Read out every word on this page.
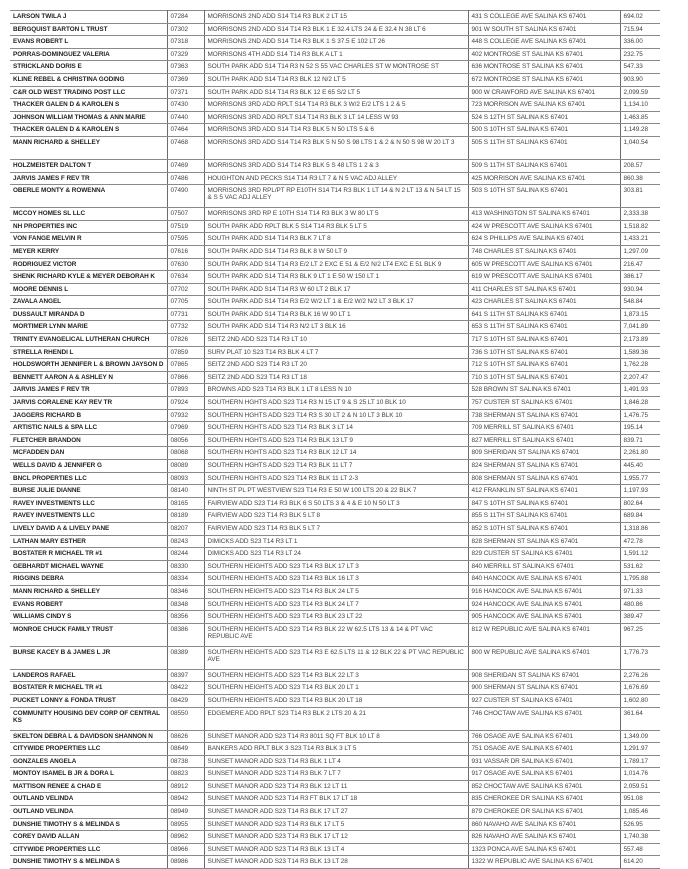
LARSON TWILA J	07284	MORRISONS 2ND ADD S14 T14 R3 BLK 2 LT 15	431 S COLLEGE AVE SALINA KS 67401	694.02
BERGQUIST BARTON L TRUST	07302	MORRISONS 2ND ADD S14 T14 R3 BLK 1 E 32.4 LTS 24 & E 32.4 N 38 LT 6	901 W SOUTH ST SALINA KS 67401	715.94
EVANS ROBERT L	07318	MORRISONS 2ND ADD S14 T14 R3 BLK 1 S 37.5 E 102 LT 26	448 S COLLEGE AVE SALINA KS 67401	336.00
PORRAS-DOMINGUEZ VALERIA	07329	MORRISONS 4TH ADD S14 T14 R3 BLK A LT 1	402 MONTROSE ST SALINA KS 67401	232.75
STRICKLAND DORIS E	07363	SOUTH PARK ADD S14 T14 R3 N 52 S 55 VAC CHARLES ST W MONTROSE ST	636 MONTROSE ST SALINA KS 67401	547.33
KLINE REBEL & CHRISTINA GODING	07369	SOUTH PARK ADD S14 T14 R3 BLK 12 N/2 LT 5	672 MONTROSE ST SALINA KS 67401	903.90
C&R OLD WEST TRADING POST LLC	07371	SOUTH PARK ADD S14 T14 R3 BLK 12 E 65 S/2 LT 5	900 W CRAWFORD AVE SALINA KS 67401	2,099.59
THACKER GALEN D & KAROLEN S	07430	MORRISONS 3RD ADD RPLT S14 T14 R3 BLK 3 W/2 E/2 LTS 1 2 & 5	723 MORRISON AVE SALINA KS 67401	1,134.10
JOHNSON WILLIAM THOMAS & ANN MARIE	07440	MORRISONS 3RD ADD RPLT S14 T14 R3 BLK 3 LT 14 LESS W 93	524 S 12TH ST SALINA KS 67401	1,463.85
THACKER GALEN D & KAROLEN S	07464	MORRISONS 3RD ADD S14 T14 R3 BLK 5 N 50 LTS 5 & 6	500 S 10TH ST SALINA KS 67401	1,149.28
MANN RICHARD & SHELLEY	07468	MORRISONS 3RD ADD S14 T14 R3 BLK 5 N 50 S 98 LTS 1 & 2 & N 50 S 98 W 20 LT 3	505 S 11TH ST SALINA KS 67401	1,040.54
HOLZMEISTER DALTON T	07469	MORRISONS 3RD ADD S14 T14 R3 BLK 5 S 48 LTS 1 2 & 3	509 S 11TH ST SALINA KS 67401	208.57
JARVIS JAMES F REV TR	07486	HOUGHTON AND PECKS S14 T14 R3 LT 7 & N 5 VAC ADJ ALLEY	425 MORRISON AVE SALINA KS 67401	860.38
OBERLE MONTY & ROWENNA	07490	MORRISONS 3RD RPL/PT RP E10TH S14 T14 R3 BLK 1 LT 14 & N 2 LT 13 & N 54 LT 15 & S 5 VAC ADJ ALLEY	503 S 10TH ST SALINA KS 67401	303.81
MCCOY HOMES SL LLC	07507	MORRISONS 3RD RP E 10TH S14 T14 R3 BLK 3 W 80 LT 5	413 WASHINGTON ST SALINA KS 67401	2,333.38
NH PROPERTIES INC	07519	SOUTH PARK ADD RPLT BLK 5 S14 T14 R3 BLK 5 LT 5	424 W PRESCOTT AVE SALINA KS 67401	1,518.82
VON FANGE MELVIN R	07595	SOUTH PARK ADD S14 T14 R3 BLK 7 LT 8	624 S PHILLIPS AVE SALINA KS 67401	1,433.21
MEYER KERRY	07616	SOUTH PARK ADD S14 T14 R3 BLK 8 W 50 LT 9	748 CHARLES ST SALINA KS 67401	1,297.09
RODRIGUEZ VICTOR	07630	SOUTH PARK ADD S14 T14 R3 E/2 LT 2 EXC E 51 & E/2 N/2 LT4 EXC E 51 BLK 9	605 W PRESCOTT AVE SALINA KS 67401	216.47
SHENK RICHARD KYLE & MEYER DEBORAH K	07634	SOUTH PARK ADD S14 T14 R3 BLK 9 LT 1 E 50 W 150 LT 1	619 W PRESCOTT AVE SALINA KS 67401	386.17
MOORE DENNIS L	07702	SOUTH PARK ADD S14 T14 R3 W 60 LT 2 BLK 17	411 CHARLES ST SALINA KS 67401	930.94
ZAVALA ANGEL	07705	SOUTH PARK ADD S14 T14 R3 E/2 W/2 LT 1 & E/2 W/2 N/2 LT 3 BLK 17	423 CHARLES ST SALINA KS 67401	548.84
DUSSAULT MIRANDA D	07731	SOUTH PARK ADD S14 T14 R3 BLK 16 W 90 LT 1	641 S 11TH ST SALINA KS 67401	1,873.15
MORTIMER LYNN MARIE	07732	SOUTH PARK ADD S14 T14 R3 N/2 LT 3 BLK 16	653 S 11TH ST SALINA KS 67401	7,041.89
TRINITY EVANGELICAL LUTHERAN CHURCH	07826	SEITZ 2ND ADD S23 T14 R3 LT 10	717 S 10TH ST SALINA KS 67401	2,173.89
STRELLA RHENDI L	07859	SURV PLAT 10 S23 T14 R3 BLK 4 LT 7	736 S 10TH ST SALINA KS 67401	1,589.36
HOLDSWORTH JENNIFER L & BROWN JAYSON D	07865	SEITZ 2ND ADD S23 T14 R3 LT 20	712 S 10TH ST SALINA KS 67401	1,762.28
BENNETT AARON A & ASHLEY N	07866	SEITZ 2ND ADD S23 T14 R3 LT 18	710 S 10TH ST SALINA KS 67401	2,207.47
JARVIS JAMES F REV TR	07893	BROWNS ADD S23 T14 R3 BLK 1 LT 8 LESS N 10	528 BROWN ST SALINA KS 67401	1,491.93
JARVIS CORALENE KAY REV TR	07924	SOUTHERN HGHTS ADD S23 T14 R3 N 15 LT 9 & S 25 LT 10 BLK 10	757 CUSTER ST SALINA KS 67401	1,846.28
JAGGERS RICHARD B	07932	SOUTHERN HGHTS ADD S23 T14 R3 S 30 LT 2 & N 10 LT 3 BLK 10	738 SHERMAN ST SALINA KS 67401	1,476.75
ARTISTIC NAILS & SPA LLC	07969	SOUTHERN HGHTS ADD S23 T14 R3 BLK 3 LT 14	709 MERRILL ST SALINA KS 67401	195.14
FLETCHER BRANDON	08056	SOUTHERN HGHTS ADD S23 T14 R3 BLK 13 LT 9	827 MERRILL ST SALINA KS 67401	839.71
MCFADDEN DAN	08068	SOUTHERN HGHTS ADD S23 T14 R3 BLK 12 LT 14	809 SHERIDAN ST SALINA KS 67401	2,261.80
WELLS DAVID & JENNIFER G	08089	SOUTHERN HGHTS ADD S23 T14 R3 BLK 11 LT 7	824 SHERMAN ST SALINA KS 67401	445.40
BNCL PROPERTIES LLC	08093	SOUTHERN HGHTS ADD S23 T14 R3 BLK 11 LT 2-3	808 SHERMAN ST SALINA KS 67401	1,955.77
BURSE JULIE DIANNE	08140	NINTH ST PL PT WESTVIEW S23 T14 R3 E 50 W 100 LTS 20 & 22 BLK 7	412 FRANKLIN ST SALINA KS 67401	1,197.93
RAVEY INVESTMENTS LLC	08165	FAIRVIEW ADD S23 T14 R3 BLK 6 S 50 LTS 3 & 4 & E 10 N 50 LT 3	847 S 10TH ST SALINA KS 67401	802.64
RAVEY INVESTMENTS LLC	08189	FAIRVIEW ADD S23 T14 R3 BLK 5 LT 8	855 S 11TH ST SALINA KS 67401	689.84
LIVELY DAVID A & LIVELY PANE	08207	FAIRVIEW ADD S23 T14 R3 BLK 5 LT 7	852 S 10TH ST SALINA KS 67401	1,318.86
LATHAN MARY ESTHER	08243	DIMICKS ADD S23 T14 R3 LT 1	828 SHERMAN ST SALINA KS 67401	472.78
BOSTATER R MICHAEL TR #1	08244	DIMICKS ADD S23 T14 R3 LT 24	829 CUSTER ST SALINA KS 67401	1,591.12
GEBHARDT MICHAEL WAYNE	08330	SOUTHERN HEIGHTS ADD S23 T14 R3 BLK 17 LT 3	840 MERRILL ST SALINA KS 67401	531.62
RIGGINS DEBRA	08334	SOUTHERN HEIGHTS ADD S23 T14 R3 BLK 16 LT 3	840 HANCOCK AVE SALINA KS 67401	1,795.88
MANN RICHARD & SHELLEY	08346	SOUTHERN HEIGHTS ADD S23 T14 R3 BLK 24 LT 5	916 HANCOCK AVE SALINA KS 67401	971.33
EVANS ROBERT	08348	SOUTHERN HEIGHTS ADD S23 T14 R3 BLK 24 LT 7	924 HANCOCK AVE SALINA KS 67401	480.86
WILLIAMS CINDY S	08356	SOUTHERN HEIGHTS ADD S23 T14 R3 BLK 23 LT 22	905 HANCOCK AVE SALINA KS 67401	389.47
MONROE CHUCK FAMILY TRUST	08386	SOUTHERN HEIGHTS ADD S23 T14 R3 BLK 22 W 62.5 LTS 13 & 14 & PT VAC REPUBLIC AVE	812 W REPUBLIC AVE SALINA KS 67401	967.25
BURSE KACEY B & JAMES L JR	08389	SOUTHERN HEIGHTS ADD S23 T14 R3 E 62.5 LTS 11 & 12 BLK 22 & PT VAC REPUBLIC AVE	800 W REPUBLIC AVE SALINA KS 67401	1,776.73
LANDEROS RAFAEL	08397	SOUTHERN HEIGHTS ADD S23 T14 R3 BLK 22 LT 3	908 SHERIDAN ST SALINA KS 67401	2,276.26
BOSTATER R MICHAEL TR #1	08422	SOUTHERN HEIGHTS ADD S23 T14 R3 BLK 20 LT 1	900 SHERMAN ST SALINA KS 67401	1,676.69
PUCKET LONNY & FONDA TRUST	08429	SOUTHERN HEIGHTS ADD S23 T14 R3 BLK 20 LT 18	927 CUSTER ST SALINA KS 67401	1,602.80
COMMUNITY HOUSING DEV CORP OF CENTRAL KS	08550	EDGEMERE ADD RPLT S23 T14 R3 BLK 2 LTS 20 & 21	746 CHOCTAW AVE SALINA KS 67401	361.64
SKELTON DEBRA L & DAVIDSON SHANNON N	08626	SUNSET MANOR ADD S23 T14 R3 8011 SQ FT BLK 10 LT 8	766 OSAGE AVE SALINA KS 67401	1,349.09
CITYWIDE PROPERTIES LLC	08649	BANKERS ADD RPLT BLK 3 S23 T14 R3 BLK 3 LT 5	751 OSAGE AVE SALINA KS 67401	1,291.97
GONZALES ANGELA	08738	SUNSET MANOR ADD S23 T14 R3 BLK 1 LT 4	931 VASSAR DR SALINA KS 67401	1,789.17
MONTOY ISAMEL B JR & DORA L	08823	SUNSET MANOR ADD S23 T14 R3 BLK 7 LT 7	917 OSAGE AVE SALINA KS 67401	1,014.76
MATTISON RENEE & CHAD E	08912	SUNSET MANOR ADD S23 T14 R3 BLK 12 LT 11	852 CHOCTAW AVE SALINA KS 67401	2,059.51
OUTLAND VELINDA	08942	SUNSET MANOR ADD S23 T14 R3 FT BLK 17 LT 18	835 CHEROKEE DR SALINA KS 67401	951.08
OUTLAND VELINDA	08949	SUNSET MANOR ADD S23 T14 R3 BLK 17 LT 27	879 CHEROKEE DR SALINA KS 67401	1,085.46
DUNSHIE TIMOTHY S & MELINDA S	08955	SUNSET MANOR ADD S23 T14 R3 BLK 17 LT 5	860 NAVAHO AVE SALINA KS 67401	526.95
COREY DAVID ALLAN	08962	SUNSET MANOR ADD S23 T14 R3 BLK 17 LT 12	826 NAVAHO AVE SALINA KS 67401	1,740.38
CITYWIDE PROPERTIES LLC	08966	SUNSET MANOR ADD S23 T14 R3 BLK 13 LT 4	1323 PONCA AVE SALINA KS 67401	557.48
DUNSHIE TIMOTHY S & MELINDA S	08986	SUNSET MANOR ADD S23 T14 R3 BLK 13 LT 28	1322 W REPUBLIC AVE SALINA KS 67401	614.20
